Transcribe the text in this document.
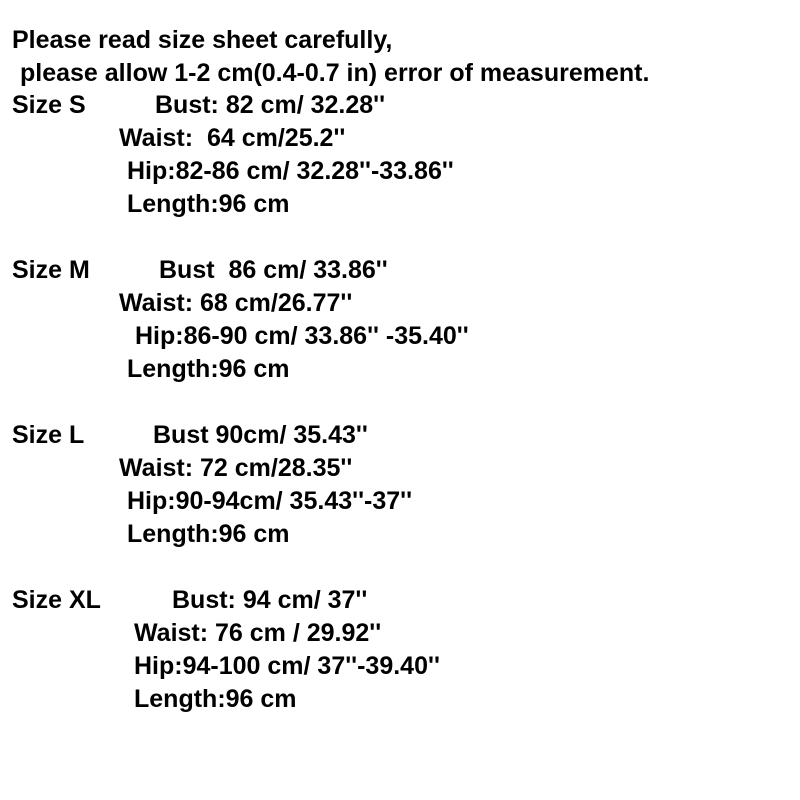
Please read size sheet carefully,
please allow 1-2 cm(0.4-0.7 in) error of measurement.
Size S	Bust: 82 cm/ 32.28''
Waist:  64 cm/25.2''
Hip:82-86 cm/ 32.28''-33.86''
Length:96 cm
Size M	Bust  86 cm/ 33.86''
Waist: 68 cm/26.77''
Hip:86-90 cm/ 33.86'' -35.40''
Length:96 cm
Size L	Bust 90cm/ 35.43''
Waist: 72 cm/28.35''
Hip:90-94cm/ 35.43''-37''
Length:96 cm
Size XL	Bust: 94 cm/ 37''
Waist: 76 cm / 29.92''
Hip:94-100 cm/ 37''-39.40''
Length:96 cm
